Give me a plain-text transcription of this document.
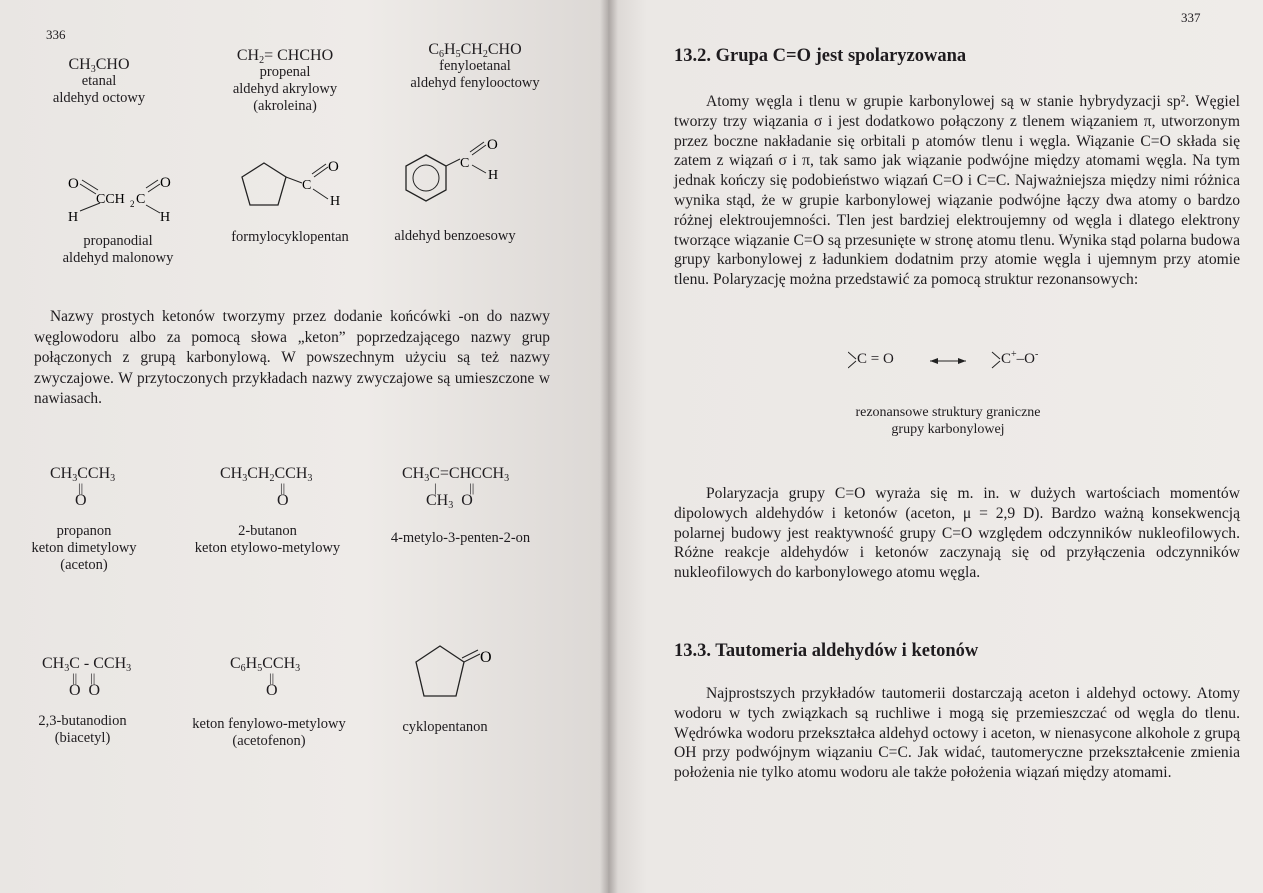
336
$CH_3CHO$
etanal
aldehyd octowy
$CH_2=$ CHCHO
propenal
aldehyd akrylowy
(akroleina)
$C_6H_5CH_2CHO$
fenyloetanal
aldehyd fenylooctowy
O
CCH 2 C
O
H	H
C
O
H
C
O
H
propanodial
aldehyd malonowy
formylocyklopentan	aldehyd benzoesowy
Nazwy prostych ketonów tworzymy przez dodanie końcówki -on do nazwy węglowodoru albo za pomocą słowa „keton” poprzedzającego nazwy grup połączonych z grupą karbonylową. W powszechnym użyciu są też nazwy zwyczajowe. W przytoczonych przykładach nazwy zwyczajowe są umieszczone w nawiasach.
$CH_3CCH_3$
||
O
$CH_3CH_2CCH_3$
||
O
$CH_3C=CHCCH_3$
|          ||
$CH_3$  O
propanon
keton dimetylowy
(aceton)
2-butanon
keton etylowo-metylowy
4-metylo-3-penten-2-on
$CH_3C - CCH_3$
||    ||
O  O
$C_6H_5CCH_3$
||
O
O
2,3-butanodion
(biacetyl)
keton fenylowo-metylowy
(acetofenon)
cyklopentanon
337
13.2. Grupa C=O jest spolaryzowana
Atomy węgla i tlenu w grupie karbonylowej są w stanie hybrydyzacji sp². Węgiel tworzy trzy wiązania σ i jest dodatkowo połączony z tlenem wiązaniem π, utworzonym przez boczne nakładanie się orbitali p atomów tlenu i węgla. Wiązanie C=O składa się zatem z wiązań σ i π, tak samo jak wiązanie podwójne między atomami węgla. Na tym jednak kończy się podobieństwo wiązań C=O i C=C. Najważniejsza między nimi różnica wynika stąd, że w grupie karbonylowej wiązanie podwójne łączy dwa atomy o bardzo różnej elektroujemności. Tlen jest bardziej elektroujemny od węgla i dlatego elektrony tworzące wiązanie C=O są przesunięte w stronę atomu tlenu. Wynika stąd polarna budowa grupy karbonylowej z ładunkiem dodatnim przy atomie węgla i ujemnym przy atomie tlenu. Polaryzację można przedstawić za pomocą struktur rezonansowych:
C = O	C+–O-
rezonansowe struktury graniczne
grupy karbonylowej
Polaryzacja grupy C=O wyraża się m. in. w dużych wartościach momentów dipolowych aldehydów i ketonów (aceton, μ = 2,9 D). Bardzo ważną konsekwencją polarnej budowy jest reaktywność grupy C=O względem odczynników nukleofilowych. Różne reakcje aldehydów i ketonów zaczynają się od przyłączenia odczynników nukleofilowych do karbonylowego atomu węgla.
13.3. Tautomeria aldehydów i ketonów
Najprostszych przykładów tautomerii dostarczają aceton i aldehyd octowy. Atomy wodoru w tych związkach są ruchliwe i mogą się przemieszczać od węgla do tlenu. Wędrówka wodoru przekształca aldehyd octowy i aceton, w nienasycone alkohole z grupą OH przy podwójnym wiązaniu C=C. Jak widać, tautomeryczne przekształcenie zmienia położenia nie tylko atomu wodoru ale także położenia wiązań między atomami.
